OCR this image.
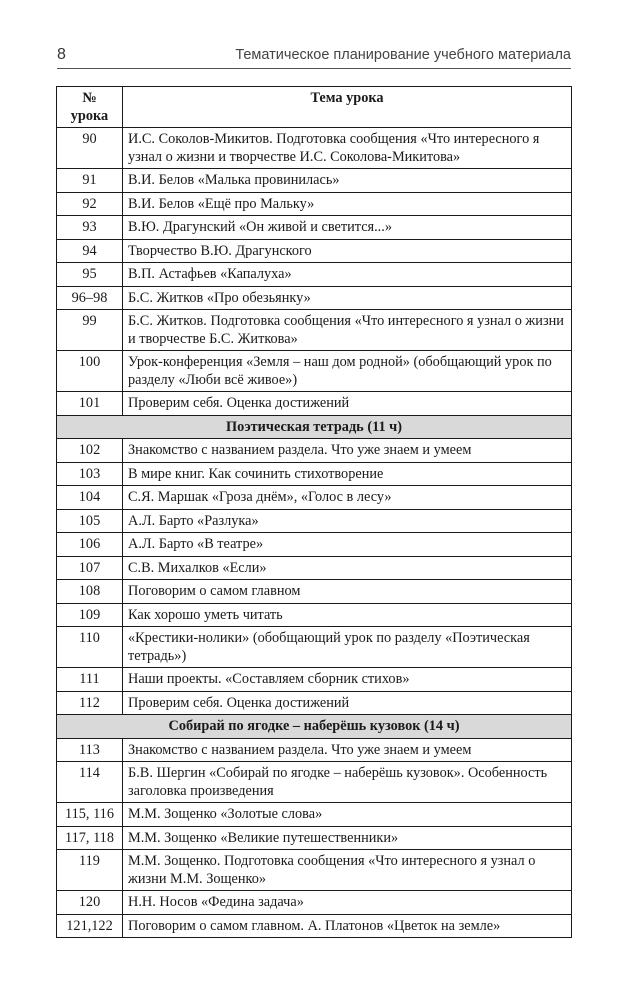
8	Тематическое планирование учебного материала
№ урока	Тема урока
90	И.С. Соколов-Микитов. Подготовка сообщения «Что интересного я узнал о жизни и творчестве И.С. Соколова-Микитова»
91	В.И. Белов «Малька провинилась»
92	В.И. Белов «Ещё про Мальку»
93	В.Ю. Драгунский «Он живой и светится...»
94	Творчество В.Ю. Драгунского
95	В.П. Астафьев «Капалуха»
96–98	Б.С. Житков «Про обезьянку»
99	Б.С. Житков. Подготовка сообщения «Что интересного я узнал о жизни и творчестве Б.С. Житкова»
100	Урок-конференция «Земля – наш дом родной» (обобщающий урок по разделу «Люби всё живое»)
101	Проверим себя. Оценка достижений
Поэтическая тетрадь (11 ч)	
102	Знакомство с названием раздела. Что уже знаем и умеем
103	В мире книг. Как сочинить стихотворение
104	С.Я. Маршак «Гроза днём», «Голос в лесу»
105	А.Л. Барто «Разлука»
106	А.Л. Барто «В театре»
107	С.В. Михалков «Если»
108	Поговорим о самом главном
109	Как хорошо уметь читать
110	«Крестики-нолики» (обобщающий урок по разделу «Поэтическая тетрадь»)
111	Наши проекты. «Составляем сборник стихов»
112	Проверим себя. Оценка достижений
Собирай по ягодке – наберёшь кузовок (14 ч)	
113	Знакомство с названием раздела. Что уже знаем и умеем
114	Б.В. Шергин «Собирай по ягодке – наберёшь кузовок». Особенность заголовка произведения
115, 116	М.М. Зощенко «Золотые слова»
117, 118	М.М. Зощенко «Великие путешественники»
119	М.М. Зощенко. Подготовка сообщения «Что интересного я узнал о жизни М.М. Зощенко»
120	Н.Н. Носов «Федина задача»
121,122	Поговорим о самом главном. А. Платонов «Цветок на земле»
